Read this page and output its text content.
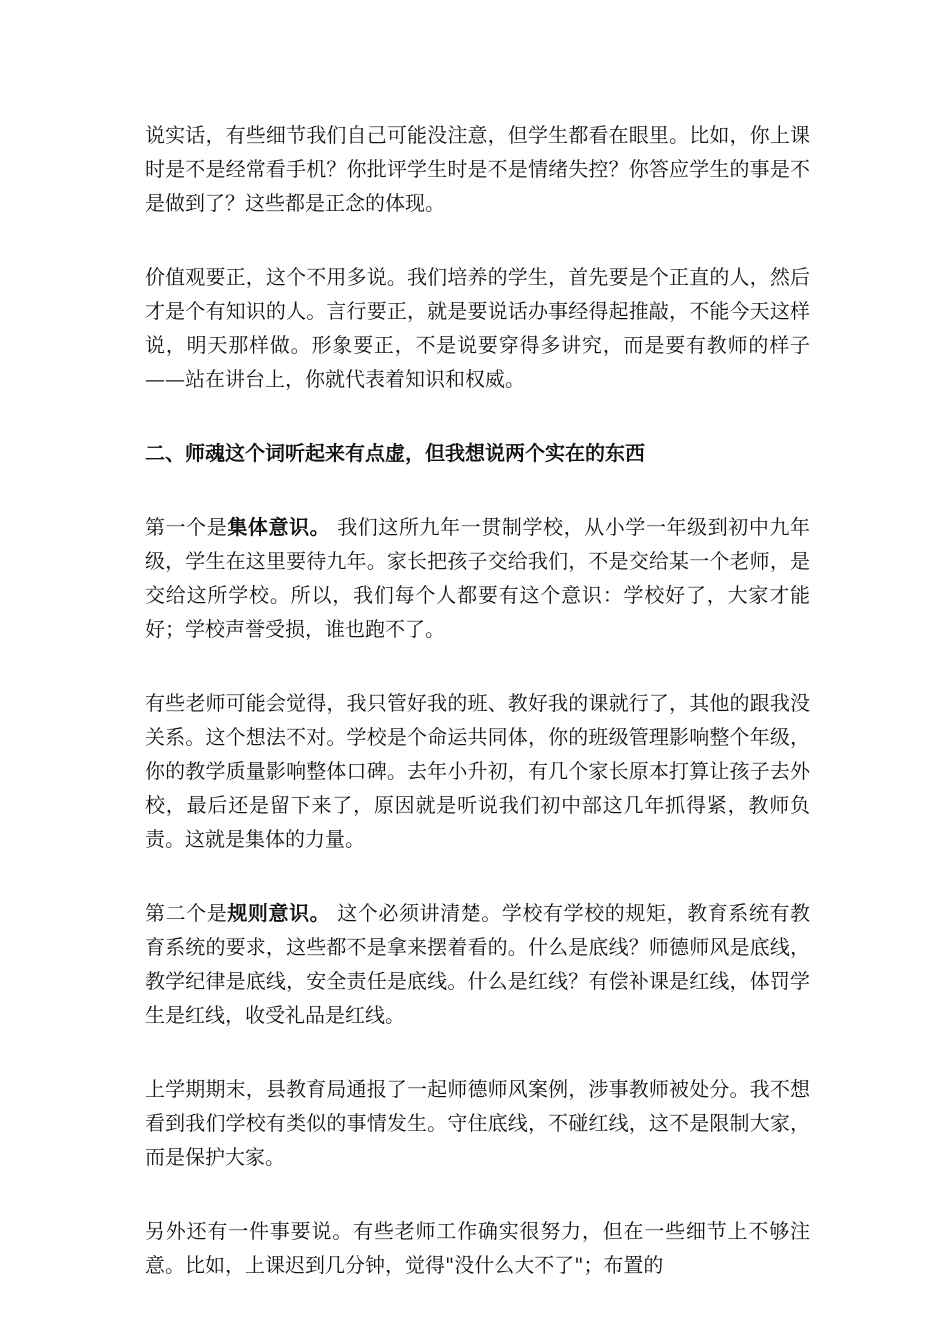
说实话，有些细节我们自己可能没注意，但学生都看在眼里。比如，你上课时是不是经常看手机？你批评学生时是不是情绪失控？你答应学生的事是不是做到了？这些都是正念的体现。

价值观要正，这个不用多说。我们培养的学生，首先要是个正直的人，然后才是个有知识的人。言行要正，就是要说话办事经得起推敲，不能今天这样说，明天那样做。形象要正，不是说要穿得多讲究，而是要有教师的样子——站在讲台上，你就代表着知识和权威。

二、师魂这个词听起来有点虚，但我想说两个实在的东西

第一个是集体意识。 我们这所九年一贯制学校，从小学一年级到初中九年级，学生在这里要待九年。家长把孩子交给我们，不是交给某一个老师，是交给这所学校。所以，我们每个人都要有这个意识：学校好了，大家才能好；学校声誉受损，谁也跑不了。

有些老师可能会觉得，我只管好我的班、教好我的课就行了，其他的跟我没关系。这个想法不对。学校是个命运共同体，你的班级管理影响整个年级，你的教学质量影响整体口碑。去年小升初，有几个家长原本打算让孩子去外校，最后还是留下来了，原因就是听说我们初中部这几年抓得紧，教师负责。这就是集体的力量。

第二个是规则意识。 这个必须讲清楚。学校有学校的规矩，教育系统有教育系统的要求，这些都不是拿来摆着看的。什么是底线？师德师风是底线，教学纪律是底线，安全责任是底线。什么是红线？有偿补课是红线，体罚学生是红线，收受礼品是红线。

上学期期末，县教育局通报了一起师德师风案例，涉事教师被处分。我不想看到我们学校有类似的事情发生。守住底线，不碰红线，这不是限制大家，而是保护大家。

另外还有一件事要说。有些老师工作确实很努力，但在一些细节上不够注意。比如，上课迟到几分钟，觉得"没什么大不了"；布置的
